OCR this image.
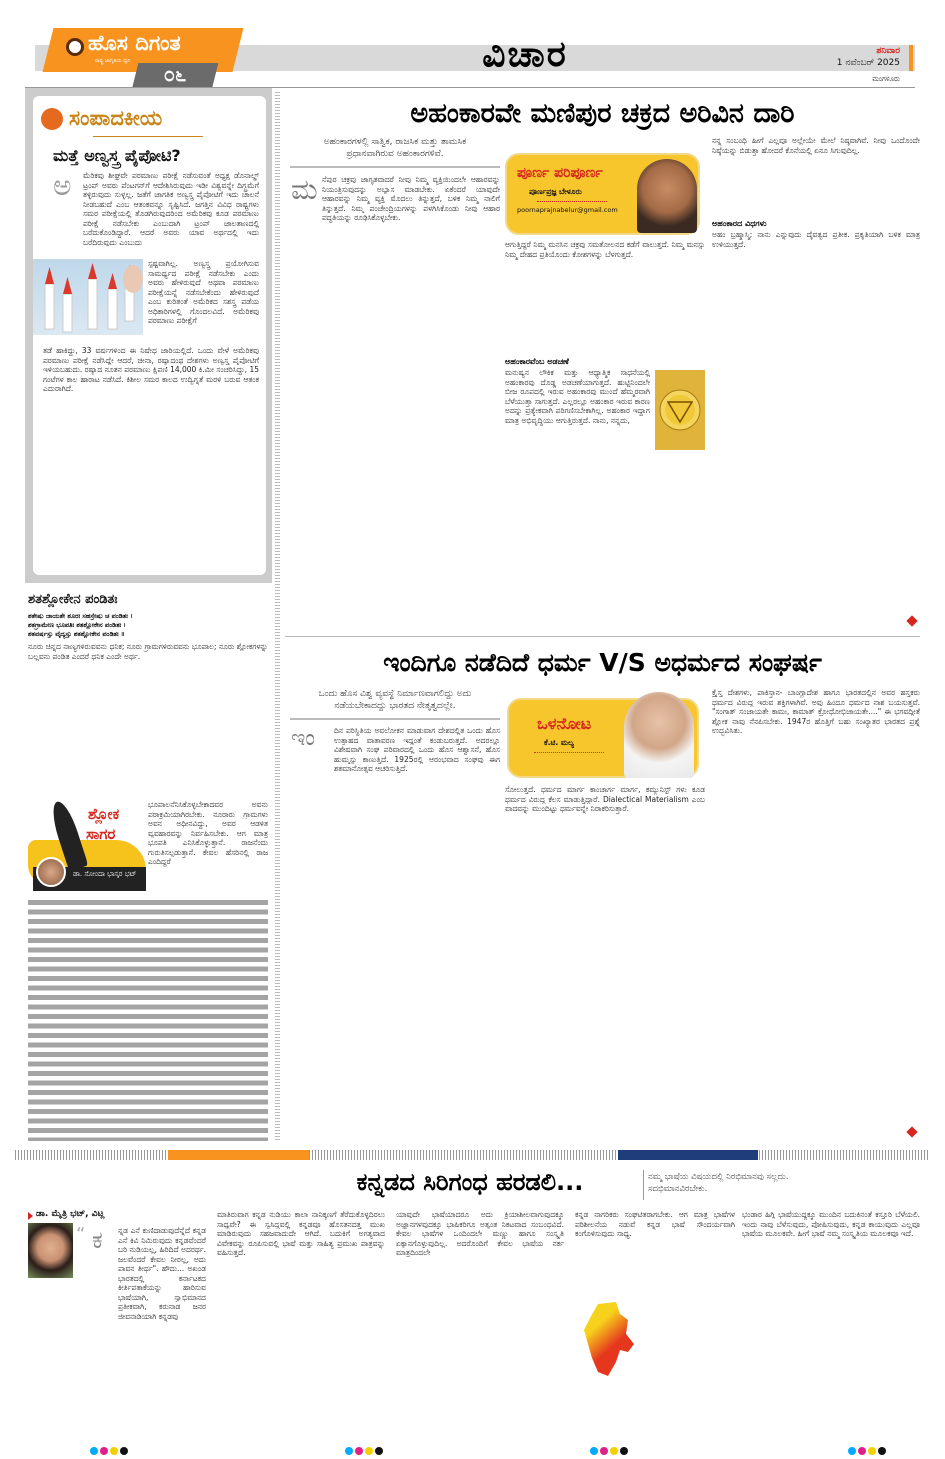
ಹೊಸ ದಿಗಂತ
ರಾಷ್ಟ್ರ ಜಾಗೃತಿಯ ಧ್ವನಿ
೦೬	ವಿಚಾರ	ಶನಿವಾರ
1 ನವೆಂಬರ್ 2025
ಮಂಗಳೂರು
ಸಂಪಾದಕೀಯ
ಮತ್ತೆ ಅಣ್ವಸ್ತ್ರ ಪೈಪೋಟಿ?
ಮೆರಿಕವು ಶೀಘ್ರವೇ ಪರಮಾಣು ಪರೀಕ್ಷೆ ನಡೆಸುವಂತೆ ಅಧ್ಯಕ್ಷ ಡೊನಾಲ್ಡ್ ಟ್ರಂಪ್ ಅವರು ಪೆಂಟಗನ್‌ಗೆ ಆದೇಶಿಸಿರುವುದು ಇಡೀ ವಿಶ್ವವನ್ನೇ ದಿಗ್ಭ್ರಮೆಗೆ ತಳ್ಳಿರುವುದು ಸುಳ್ಳಲ್ಲ. ಜತೆಗೆ ಜಾಗತಿಕ ಅಣ್ವಸ್ತ್ರ ಪೈಪೋಟಿಗೆ ಇದು ಚಾಲನೆ ನೀಡಬಹುದೆ ಎಂಬ ಆತಂಕವನ್ನೂ ಸೃಷ್ಟಿಸಿದೆ. ಜಗತ್ತಿನ ವಿವಿಧ ರಾಷ್ಟ್ರಗಳು ಸಮರ ಪರೀಕ್ಷೆಯಲ್ಲಿ ತೊಡಗಿರುವುದರಿಂದ ಅಮೆರಿಕವು ಕೂಡ ಪರಮಾಣು ಪರೀಕ್ಷೆ ನಡೆಸಬೇಕು ಎಂಬುದಾಗಿ ಟ್ರಂಪ್ ಜಾಲತಾಣದಲ್ಲಿ ಬರೆದುಕೊಂಡಿದ್ದಾರೆ. ಆದರೆ ಅವರು ಯಾವ ಅರ್ಥದಲ್ಲಿ ಇದು ಬರೆದಿರುವುದು ಎಂಬುದು
ಅ
ಸ್ಪಷ್ಟವಾಗಿಲ್ಲ. ಅಣ್ವಸ್ತ್ರ ಪ್ರಯೋಗಿಸುವ ಸಾಮರ್ಥ್ಯದ ಪರೀಕ್ಷೆ ನಡೆಸಬೇಕು ಎಂದು ಅವರು ಹೇಳಿರುವುದೆ ಅಥವಾ ಪರಮಾಣು ಪರೀಕ್ಷೆಯನ್ನೆ ನಡೆಸಬೇಕೆಂದು ಹೇಳಿರುವುದೆ ಎಂಬ ಕುರಿತಂತೆ ಅಮೆರಿಕದ ಸಶಸ್ತ್ರ ಪಡೆಯ ಅಧಿಕಾರಿಗಳಲ್ಲಿ ಗೊಂದಲವಿದೆ. ಅಮೆರಿಕವು ಪರಮಾಣು ಪರೀಕ್ಷೆಗೆ
ತಡೆ ಹಾಕಿದ್ದು, 33 ವರ್ಷಗಳಿಂದ ಈ ನಿಷೇಧ ಜಾರಿಯಲ್ಲಿದೆ. ಒಂದು ವೇಳೆ ಅಮೆರಿಕವು ಪರಮಾಣು ಪರೀಕ್ಷೆ ನಡೆಸಿದ್ದೇ ಆದರೆ, ಚೀನಾ, ರಷ್ಯಾದಂಥ ದೇಶಗಳು ಅಣ್ವಸ್ತ್ರ ಪೈಪೋಟಿಗೆ ಇಳಿಯಬಹುದು. ರಷ್ಯಾದ ನೂತನ ಪರಮಾಣು ಕ್ಷಿಪಣಿ 14,000 ಕಿ.ಮೀ ಸಂಚರಿಸಿದ್ದು, 15 ಗಂಟೆಗಳ ಕಾಲ ಹಾರಾಟ ನಡೆಸಿದೆ. ಕಿಶೀಲ ಸಮರ ಕಾಲದ ಉದ್ವಿಗ್ನತೆ ಮರಳಿ ಬರುವ ಆತಂಕ ಎದುರಾಗಿದೆ.
ಶತಶ್ಲೋಕೇನ ಪಂಡಿತಃ
ಶತೇಷು ಜಾಯತೇ ಶೂರಃ ಸಹಸ್ರೇಷು ಚ ಪಂಡಿತಃ ।
ಶತಗ್ರಾಮೇಣ ಭೂಪತಿಃ ಶತಶ್ಲೋಕೇನ ಪಂಡಿತಃ ।
ಶತವರ್ಷಸ್ತು ವೈದ್ಯಸ್ತು ಶತಶ್ಲೋಕೇನ ಪಂಡಿತಃ ॥
ನೂರು ಚಿನ್ನದ ನಾಣ್ಯಗಳಿರುವವನು ಧನಿಕ; ನೂರು ಗ್ರಾಮಗಳಿರುವವನು ಭೂಪಾಲ; ನೂರು ಶ್ಲೋಕಗಳನ್ನು ಬಲ್ಲವನು ಪಂಡಿತ ಎಂದರೆ ಧನಿಕ ಎಂದೇ ಅರ್ಥ.
ಶ್ಲೋಕ
ಸಾಗರ
ಡಾ. ಸೋಂದಾ ಭಾಸ್ಕರ ಭಟ್
ಭೂಪಾಲನೆನಿಸಿಕೊಳ್ಳಬೇಕಾದವರ ಅವನು ಪರಾಕ್ರಮಿಯಾಗಿರಬೇಕು. ನೂರಾರು ಗ್ರಾಮಗಳು ಅವನ ಅಧೀನವಿದ್ದು, ಅವರ ಆಡಳಿತ ವ್ಯವಹಾರವನ್ನು ನಿರ್ವಹಿಸಬೇಕು. ಆಗ ಮಾತ್ರ ಭೂಪತಿ ಎನಿಸಿಕೊಳ್ಳುತ್ತಾನೆ. ರಾಜನೆಂದು ಗುರುತಿಸಲ್ಪಡುತ್ತಾನೆ. ಕೇವಲ ಹೆಸರಿನಲ್ಲಿ ರಾಜ ಎಂದಿದ್ದರೆ
ಅಹಂಕಾರವೇ ಮಣಿಪುರ ಚಕ್ರದ ಅರಿವಿನ ದಾರಿ
ಅಹಂಕಾರಗಳಲ್ಲಿ ಸಾತ್ವಿಕ, ರಾಜಸಿಕ ಮತ್ತು ತಾಮಸಿಕ ಪ್ರಧಾನವಾಗಿರುವ ಅಹಂಕಾರಗಳಿವೆ.
ನೆಪುರ ಚಕ್ರವು ಜಾಗೃತವಾದರೆ ನೀವು ನಿಮ್ಮ ವ್ಯಕ್ತಿಯಿಂದಲೇ ಆಹಾರವನ್ನು ನಿಯಂತ್ರಿಸುವುದನ್ನು ಅಭ್ಯಾಸ ಮಾಡಬೇಕು. ಏಕೆಂದರೆ ಯಾವುದೇ ಆಹಾರವನ್ನು ನಿಮ್ಮ ವ್ಯಕ್ತಿ ಮೊದಲು ತಿನ್ನುತ್ತದೆ, ಬಳಿಕ ನಿಮ್ಮ ನಾಲಿಗೆ ತಿನ್ನುತ್ತದೆ. ನಿಮ್ಮ ಪಂಚೇಂದ್ರಿಯಗಳನ್ನು ಪಳಗಿಸಿಕೊಂಡು ನೀವು ಆಹಾರ ಪದ್ಧತಿಯನ್ನು ರೂಢಿಸಿಕೊಳ್ಳಬೇಕು.
ಮ	ಪೂರ್ಣ ಪರಿಪೂರ್ಣ
ಪೂರ್ಣಪ್ರಜ್ಞ ಬೇಳೂರು
poornaprajnabelur@gmail.com
ಆಗುತ್ತಿದ್ದರೆ ನಿಮ್ಮ ಮನಸಿನ ಚಕ್ರವು ಸಮತೋಲನದ ಕಡೆಗೆ ವಾಲುತ್ತದೆ. ನಿಮ್ಮ ಮನಸ್ಸು ನಿಮ್ಮ ದೇಹದ ಪ್ರತಿಯೊಂದು ಕೋಶಗಳನ್ನು ಬೆಳಗುತ್ತದೆ.
ಅಹಂಕಾರವೆಂಬ ಅಡಚಣೆ
ಮನುಷ್ಯನ ಲೌಕಿಕ ಮತ್ತು ಆಧ್ಯಾತ್ಮಿಕ ಸಾಧನೆಯಲ್ಲಿ ಅಹಂಕಾರವು ದೊಡ್ಡ ಅಡಚಣೆಯಾಗುತ್ತದೆ. ಹುಟ್ಟಿನಿಂದಲೇ ಬೀಜ ರೂಪದಲ್ಲಿ ಇರುವ ಅಹಂಕಾರವು ಮುಂದೆ ಹೆಮ್ಮರವಾಗಿ ಬೆಳೆಯುತ್ತಾ ಸಾಗುತ್ತದೆ. ಎಲ್ಲರಲ್ಲೂ ಅಹಂಕಾರ ಇರುವ ಕಾರಣ ಅದನ್ನು ಪ್ರತ್ಯೇಕವಾಗಿ ಪರಿಗಣಿಸಬೇಕಾಗಿಲ್ಲ. ಅಹಂಕಾರ ಇದ್ದಾಗ ಮಾತ್ರ ಅಭಿವೃದ್ಧಿಯು ಆಗುತ್ತಿರುತ್ತದೆ. ನಾನು, ನನ್ನದು,
ನನ್ನ ಸಂಬಂಧಿ ಹೀಗೆ ಎಲ್ಲವೂ ಅಲ್ಲೇಯೇ ಮೇಲೆ ನಿಷ್ಠವಾಗಿವೆ. ನೀವು ಒಂದೊಂದೇ ನಿಷ್ಠೆಯನ್ನು ಬಿಡುತ್ತಾ ಹೋದರೆ ಕೊನೆಯಲ್ಲಿ ಏನೂ ಸಿಗುವುದಿಲ್ಲ.
ಅಹಂಕಾರದ ವಿಧಗಳು
ಅಹಂ ಬ್ರಹ್ಮಾಸ್ಮಿ; ನಾನು ಎನ್ನುವುದು ದೈವತ್ವದ ಪ್ರತೀಕ. ಪ್ರಕೃತಿಯಾಗಿ ಬಳಿಕ ಮಾತ್ರ ಉಳಿಯುತ್ತದೆ.
ಇಂದಿಗೂ ನಡೆದಿದೆ ಧರ್ಮ V/S ಅಧರ್ಮದ ಸಂಘರ್ಷ
ಒಂದು ಹೊಸ ವಿಶ್ವ ವ್ಯವಸ್ಥೆ ನಿರ್ಮಾಣವಾಗಲಿದ್ದು ಅದು ನಡೆಯಬೇಕಾದದ್ದು ಭಾರತದ ನೇತೃತ್ವದಲ್ಲೇ.
ದಿನ ಪರಿಸ್ಥಿತಿಯ ಅವಲೋಕನ ಮಾಡುವಾಗ ದೇಶದಲ್ಲಿತ ಒಂದು ಹೊಸ ಉತ್ಸಾಹದ ವಾತಾವರಣ ಇದ್ದಂತೆ ಕಂಡುಬರುತ್ತದೆ. ಅದರಲ್ಲೂ ವಿಶೇಷವಾಗಿ ಸಂಘ ಪರಿವಾರದಲ್ಲಿ ಒಂದು ಹೊಸ ಆಶ್ವಾಸನೆ, ಹೊಸ ಹುಮ್ಮಸ್ಸು ಕಾಣುತ್ತಿದೆ. 1925ರಲ್ಲಿ ಆರಂಭವಾದ ಸಂಘವು ಈಗ ಶತಮಾನೋತ್ಸವ ಆಚರಿಸುತ್ತಿದೆ.
ಇಂ
ಒಳನೋಟ
ಕೆ.ಟಿ. ಮಲ್ಯ
ಸೋಲುತ್ತದೆ. ಧರ್ಮದ ಮಾರ್ಗ ಕಾಂಚಾರ್ಗ ಮಾರ್ಗ, ಕಮ್ಯುನಿಸ್ಟ್ ಗಳು ಕೂಡ ಧರ್ಮದ ವಿರುದ್ಧ ಕೆಲಸ ಮಾಡುತ್ತಿದ್ದಾರೆ. Dialectical Materialism ಎಂಬ ವಾದವನ್ನು ಮುಂದಿಟ್ಟು ಧರ್ಮವನ್ನೇ ನಿರಾಕರಿಸುತ್ತಾರೆ.
ಕ್ರೈಸ್ತ ದೇಶಗಳು, ಪಾಕಿಸ್ತಾನ- ಬಾಂಗ್ಲಾದೇಶ ಹಾಗೂ ಭಾರತದಲ್ಲಿನ ಅವರ ಹಸ್ತಕರು ಧರ್ಮದ ವಿರುದ್ಧ ಇರುವ ಶಕ್ತಿಗಳಾಗಿವೆ. ಅವು ಹಿಂದೂ ಧರ್ಮದ ನಾಶ ಬಯಸುತ್ತವೆ. "ಸಂಗಾತ್ ಸಂಜಾಯತೇ ಕಾಮಃ, ಕಾಮಾತ್ ಕ್ರೋಧೋಭಿಜಾಯತೇ...." ಈ ಭಗವದ್ಗೀತೆ ಶ್ಲೋಕ ನಾವು ನೆನಪಿಸಬೇಕು. 1947ರ ಹೊತ್ತಿಗೆ ಬಹು ಸಂಖ್ಯಾತರ ಭಾರತದ ಪ್ರಶ್ನೆ ಉದ್ಭವಿಸಿತು.
ಕನ್ನಡದ ಸಿರಿಗಂಧ ಹರಡಲಿ...	ನಮ್ಮ ಭಾಷೆಯ ವಿಷಯದಲ್ಲಿ ನಿರಭಿಮಾನವು ಸಲ್ಲದು. ಸದಭಿಮಾನವಿರಬೇಕು.
ಡಾ. ಮೈತ್ರಿ ಭಟ್, ವಿಟ್ಲ
ನ್ನಡ ಎನೆ ಕುಣಿದಾಡುವುದೆನ್ನೆದೆ ಕನ್ನಡ ಎನೆ ಕಿವಿ ನಿಮಿರುವುದು ಕನ್ನಡವೆಂದರೆ ಬರಿ ನುಡಿಯಲ್ಲ, ಹಿರಿದಿದೆ ಅದರರ್ಥ. ಜಲವೆಂದರೆ ಕೇವಲ ನೀರಲ್ಲ, ಅದು ಪಾವನ ತೀರ್ಥ". ಹೌದು... ಅಖಂಡ ಭಾರತದಲ್ಲಿ ಕರ್ನಾಟಕದ ಕೀರ್ತಿಪತಾಕೆಯನ್ನು ಹಾರಿಸುವ ಭಾಷೆಯಾಗಿ, ಸ್ವಾಭಿಮಾನದ ಪ್ರತೀಕವಾಗಿ, ಕರುನಾಡ ಜನರ ಜೀವನಾಡಿಯಾಗಿ ಕನ್ನಡವು
“ ಕ
ಮಾತಿರುವಾಗ ಕನ್ನಡ ನುಡಿಯು ಕಾಲಾ ನಾನಿಕ್ಕಣಗೆ ತೆರೆದುಕೊಳ್ಳದಿರಲು ಸಾಧ್ಯವೇ? ಈ ಸ್ವಸಿದ್ಧವಲ್ಲಿ ಕನ್ನಡವೂ ಹೊಸತನದತ್ತ ಮುಖ ಮಾಡಿರುವುದು ಸಹಜವಾದುದೇ ಆಗಿದೆ. ಬದುಕಿಗೆ ಅಗತ್ಯವಾದ ವಿವೇಕವನ್ನು ರೂಪಿಸುವಲ್ಲಿ ಭಾಷೆ ಮತ್ತು ಸಾಹಿತ್ಯ ಪ್ರಮುಖ ಪಾತ್ರವನ್ನು ವಹಿಸುತ್ತದೆ.
ಯಾವುದೇ ಭಾಷೆಯಾದರೂ ಅದು ಕ್ರಿಯಾಶೀಲವಾಗುವುದಕ್ಕೂ ಅಜ್ಞಾನಗಳವುದಕ್ಕೂ ಭಾಷಿಕರಿಗೂ ಅತ್ಯಂತ ನಿಕಟವಾದ ಸಂಬಂಧವಿದೆ. ಕೇವಲ ಭಾಷೆಗಳ ಒಂದಿಂದಲೇ ಮಣ್ಣು ಹಾಗೂ ಸಂಸ್ಕೃತಿ ಏಕ್ಯಾನಗೊಳ್ಳುವುದಿಲ್ಲ. ಅದರೊಂದಿಗೆ ಕೇವಲ ಭಾಷೆಯ ನರ್ಕ ಮಾತ್ರದಿಂದಲೇ
ಕನ್ನಡ ನಾಗರಿಕರು ಸಂಘಟಿತರಾಗಬೇಕು. ಆಗ ಮಾತ್ರ ಭಾಷೆಗಳ ಪರಿಶೀಲನೆಯ ನಡುವೆ ಕನ್ನಡ ಭಾಷೆ ಸೌಂದರ್ಯವಾಗಿ ಕಂಗೊಳಿಸುವುದು ಸಾಧ್ಯ.
ಭಂಡಾರ ಹಿಗ್ಗಿ ಭಾಷೆಯುದ್ದಕ್ಕೂ ಮುಂದಿನ ಬದುಕಿನಂತೆ ಕಸ್ತೂರಿ ಬೆಳೆಯಲಿ. ಇಂದು ನಾವು ಬೆಳೆಸುವುದು, ಪೋಷಿಸುವುದು, ಕನ್ನಡ ಕಾಯುವುದು ಎಲ್ಲವೂ ಭಾಷೆಯ ಮೂಲಕವೇ. ಹೀಗೆ ಭಾಷೆ ನಮ್ಮ ಸಂಸ್ಕೃತಿಯ ಮೂಲಕವೂ ಇದೆ.
